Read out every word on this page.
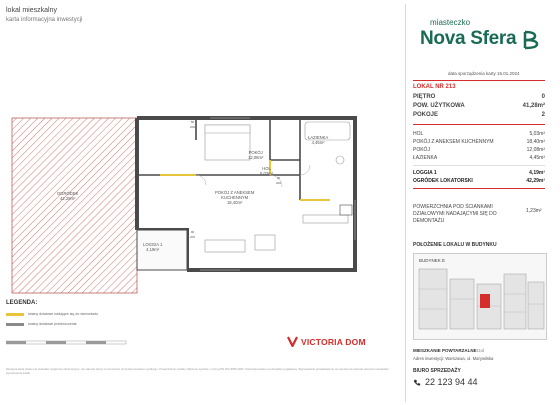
lokal mieszkalny
karta informacyjna inwestycji
OGRÓDEK
42,29m²
POKÓJ
12,08m²
ŁAZIENKA
4,45m²
HOL
5,03m²
POKÓJ Z ANEKSEM
KUCHENNYM
18,40m²
LOGGIA 1
4,19m²
80
200
90
200
90
205
LEGENDA:
ściany działowe nadające się do demontażu
ściany działowe przekroczenia
VICTORIA DOM
Niniejsza karta lokalu ma charakter wyłącznie informacyjny i nie stanowi oferty w rozumieniu przepisów kodeksu cywilnego. Powierzchnie zostały obliczone zgodnie z normą PN-ISO 9836:1997. Aranżacja lokalu ma charakter poglądowy. Wyposażenie przedstawione na rysunku nie stanowi elementu standardu wykończenia lokalu.
miasteczko
Nova Sfera
data sporządzenia karty 15.01.2024
LOKAL NR 213
PIĘTRO	0
POW. UŻYTKOWA	41,28m²
POKOJE	2
HOL	5,03m²
POKÓJ Z ANEKSEM KUCHENNYM	18,40m²
POKÓJ	12,08m²
ŁAZIENKA	4,45m²
LOGGIA 1	4,19m²
OGRÓDEK LOKATORSKI	42,29m²
POWIERZCHNIA POD ŚCIANKAMI DZIAŁOWYMI NADAJĄCYMI SIĘ DO DEMONTAŻU
1,23m²
POŁOŻENIE LOKALU W BUDYNKU
BUDYNEK E
MIESZKANIE POWTARZALNE Izol
Adres inwestycji: Warszawa, ul. Marywilska
BIURO SPRZEDAŻY
22 123 94 44
